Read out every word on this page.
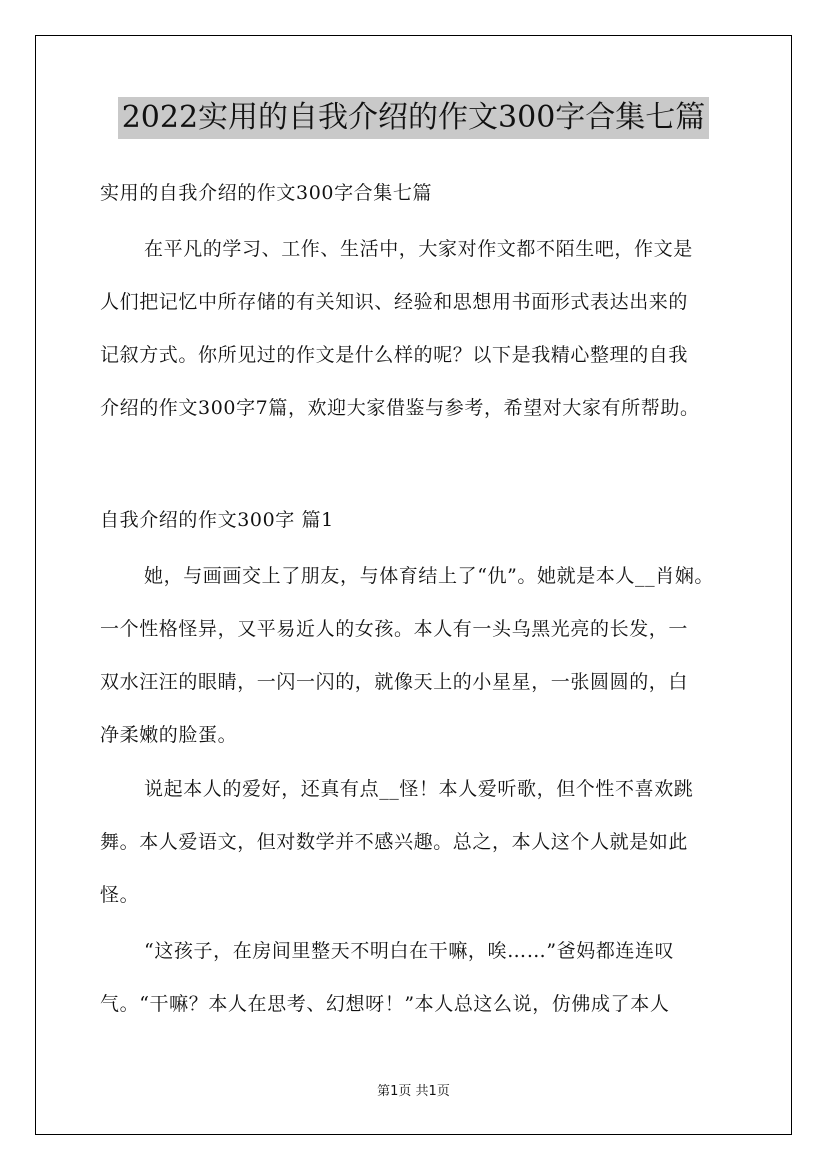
2022实用的自我介绍的作文300字合集七篇
实用的自我介绍的作文300字合集七篇
在平凡的学习、工作、生活中，大家对作文都不陌生吧，作文是
人们把记忆中所存储的有关知识、经验和思想用书面形式表达出来的
记叙方式。你所见过的作文是什么样的呢？以下是我精心整理的自我
介绍的作文300字7篇，欢迎大家借鉴与参考，希望对大家有所帮助。
自我介绍的作文300字 篇1
她，与画画交上了朋友，与体育结上了“仇”。她就是本人__肖娴。
一个性格怪异，又平易近人的女孩。本人有一头乌黑光亮的长发，一
双水汪汪的眼睛，一闪一闪的，就像天上的小星星，一张圆圆的，白
净柔嫩的脸蛋。
说起本人的爱好，还真有点__怪！本人爱听歌，但个性不喜欢跳
舞。本人爱语文，但对数学并不感兴趣。总之，本人这个人就是如此
怪。
“这孩子，在房间里整天不明白在干嘛，唉……”爸妈都连连叹
气。“干嘛？本人在思考、幻想呀！”本人总这么说，仿佛成了本人
第1页 共1页
